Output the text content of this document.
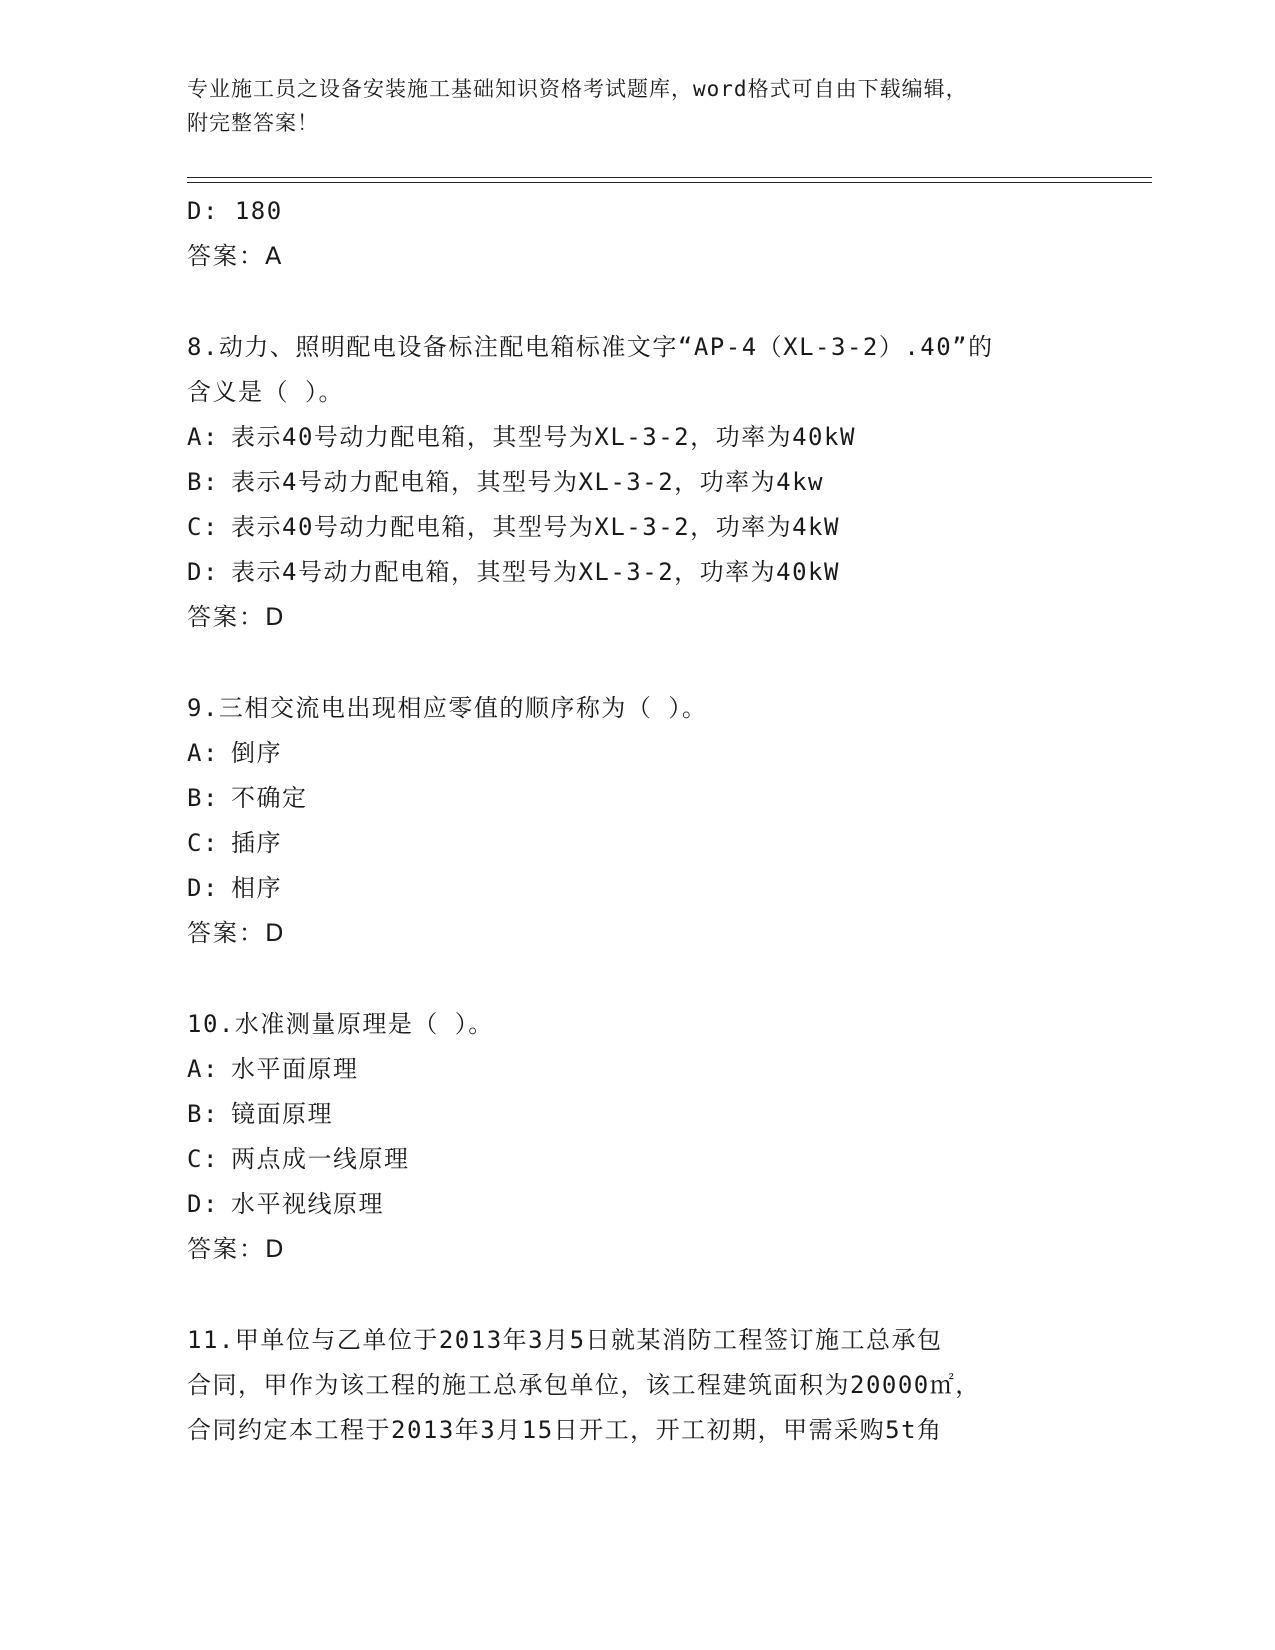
专业施工员之设备安装施工基础知识资格考试题库，word格式可自由下载编辑，
附完整答案！
D: 180
答案：A
8.动力、照明配电设备标注配电箱标准文字“AP-4（XL-3-2）.40”的
含义是（ ）。
A: 表示40号动力配电箱，其型号为XL-3-2，功率为40kW
B: 表示4号动力配电箱，其型号为XL-3-2，功率为4kw
C: 表示40号动力配电箱，其型号为XL-3-2，功率为4kW
D: 表示4号动力配电箱，其型号为XL-3-2，功率为40kW
答案：D
9.三相交流电出现相应零值的顺序称为（ ）。
A: 倒序
B: 不确定
C: 插序
D: 相序
答案：D
10.水准测量原理是（ ）。
A: 水平面原理
B: 镜面原理
C: 两点成一线原理
D: 水平视线原理
答案：D
11.甲单位与乙单位于2013年3月5日就某消防工程签订施工总承包
合同，甲作为该工程的施工总承包单位，该工程建筑面积为20000㎡，
合同约定本工程于2013年3月15日开工，开工初期，甲需采购5t角
